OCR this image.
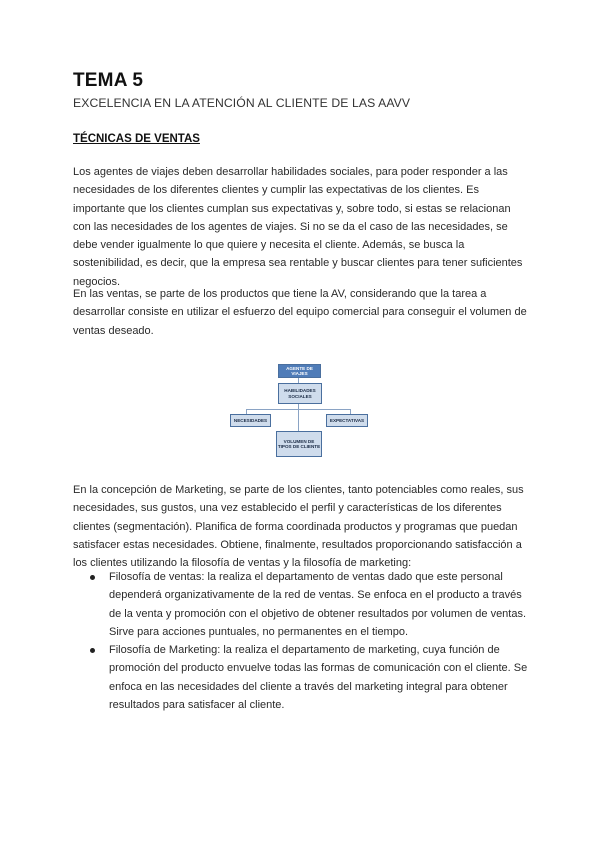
TEMA 5
EXCELENCIA EN LA ATENCIÓN AL CLIENTE DE LAS AAVV
TÉCNICAS DE VENTAS

Los agentes de viajes deben desarrollar habilidades sociales, para poder responder a las necesidades de los diferentes clientes y cumplir las expectativas de los clientes. Es importante que los clientes cumplan sus expectativas y, sobre todo, si estas se relacionan con las necesidades de los agentes de viajes. Si no se da el caso de las necesidades, se debe vender igualmente lo que quiere y necesita el cliente. Además, se busca la sostenibilidad, es decir, que la empresa sea rentable y buscar clientes para tener suficientes negocios.

En las ventas, se parte de los productos que tiene la AV, considerando que la tarea a desarrollar consiste en utilizar el esfuerzo del equipo comercial para conseguir el volumen de ventas deseado.

AGENTE DE VIAJES
HABILIDADES SOCIALES
NECESIDADES	EXPECTATIVAS
VOLUMEN DE TIPOS DE CLIENTE

En la concepción de Marketing, se parte de los clientes, tanto potenciables como reales, sus necesidades, sus gustos, una vez establecido el perfil y características de los diferentes clientes (segmentación). Planifica de forma coordinada productos y programas que puedan satisfacer estas necesidades. Obtiene, finalmente, resultados proporcionando satisfacción a los clientes utilizando la filosofía de ventas y la filosofía de marketing:

Filosofía de ventas: la realiza el departamento de ventas dado que este personal dependerá organizativamente de la red de ventas. Se enfoca en el producto a través de la venta y promoción con el objetivo de obtener resultados por volumen de ventas. Sirve para acciones puntuales, no permanentes en el tiempo.
Filosofía de Marketing: la realiza el departamento de marketing, cuya función de promoción del producto envuelve todas las formas de comunicación con el cliente. Se enfoca en las necesidades del cliente a través del marketing integral para obtener resultados para satisfacer al cliente.
